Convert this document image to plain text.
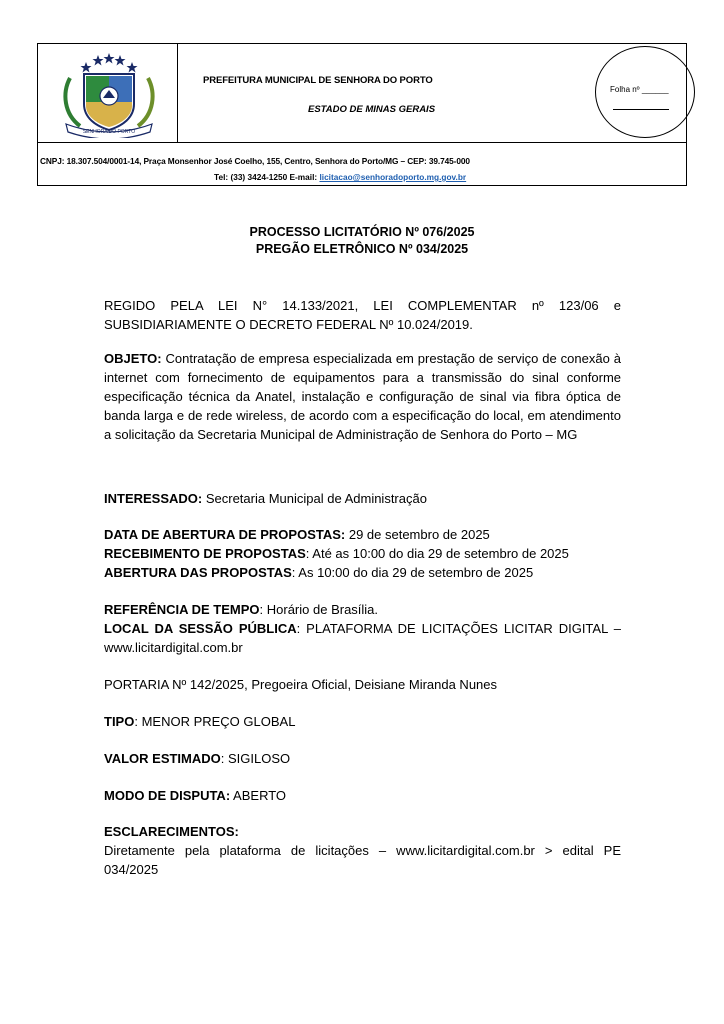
SENHORA DO PORTO
PREFEITURA MUNICIPAL DE SENHORA DO PORTO
ESTADO DE MINAS GERAIS
Folha nº ______
CNPJ: 18.307.504/0001-14, Praça Monsenhor José Coelho, 155, Centro, Senhora do Porto/MG – CEP: 39.745-000
Tel: (33) 3424-1250 E-mail: licitacao@senhoradoporto.mg.gov.br
PROCESSO LICITATÓRIO Nº 076/2025
PREGÃO ELETRÔNICO Nº 034/2025
REGIDO PELA LEI N° 14.133/2021, LEI COMPLEMENTAR nº 123/06 e SUBSIDIARIAMENTE O DECRETO FEDERAL Nº 10.024/2019.
OBJETO: Contratação de empresa especializada em prestação de serviço de conexão à internet com fornecimento de equipamentos para a transmissão do sinal conforme especificação técnica da Anatel, instalação e configuração de sinal via fibra óptica de banda larga e de rede wireless, de acordo com a especificação do local, em atendimento a solicitação da Secretaria Municipal de Administração de Senhora do Porto – MG
INTERESSADO: Secretaria Municipal de Administração
DATA DE ABERTURA DE PROPOSTAS: 29 de setembro de 2025
RECEBIMENTO DE PROPOSTAS: Até as 10:00 do dia 29 de setembro de 2025
ABERTURA DAS PROPOSTAS: As 10:00 do dia 29 de setembro de 2025
REFERÊNCIA DE TEMPO: Horário de Brasília.
LOCAL DA SESSÃO PÚBLICA: PLATAFORMA DE LICITAÇÕES LICITAR DIGITAL – www.licitardigital.com.br
PORTARIA Nº 142/2025, Pregoeira Oficial, Deisiane Miranda Nunes
TIPO: MENOR PREÇO GLOBAL
VALOR ESTIMADO: SIGILOSO
MODO DE DISPUTA: ABERTO
ESCLARECIMENTOS:
Diretamente pela plataforma de licitações – www.licitardigital.com.br > edital PE 034/2025
